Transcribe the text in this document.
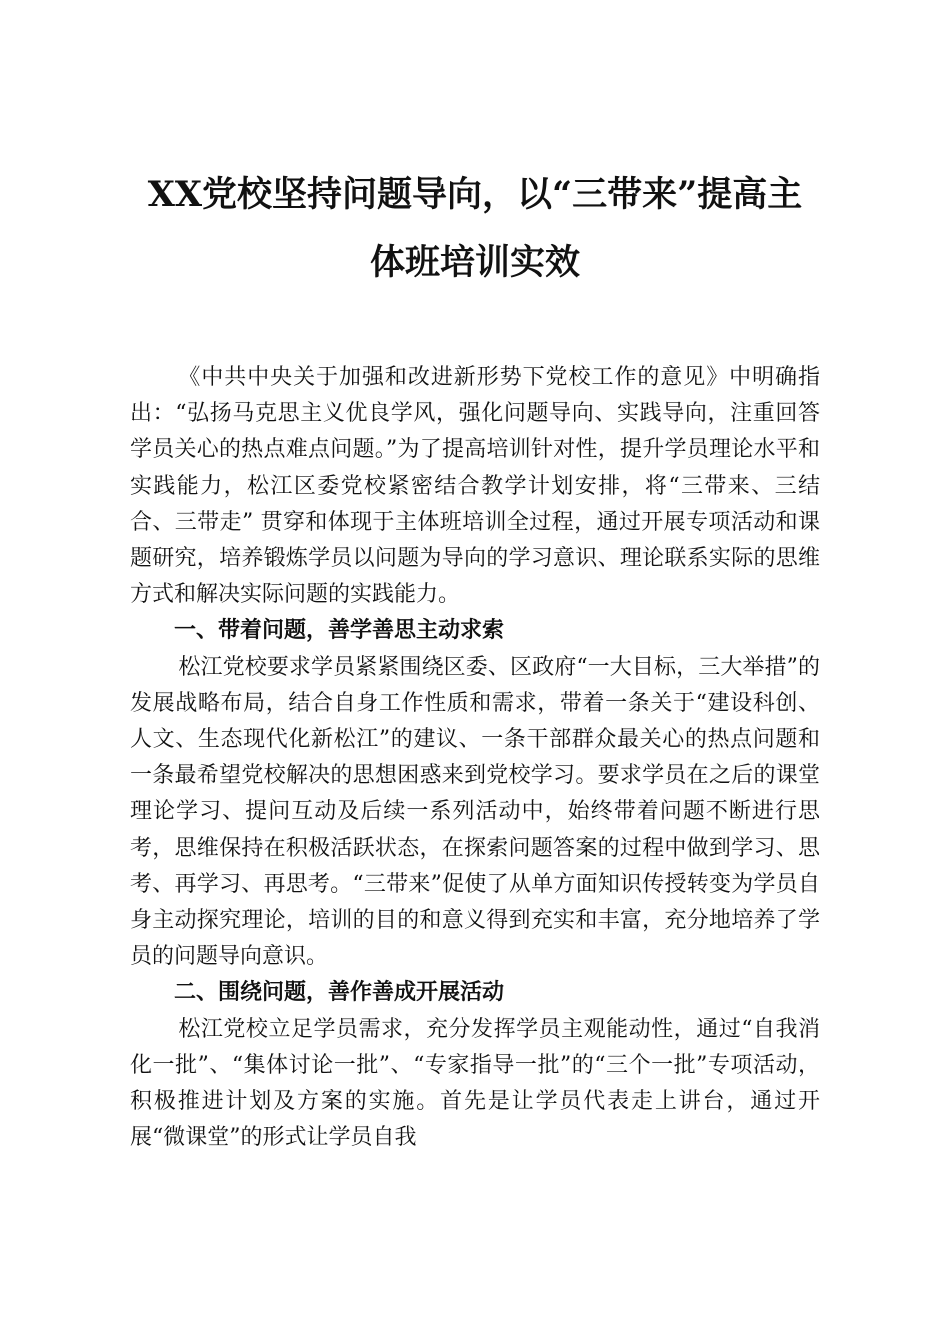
XX党校坚持问题导向，以“三带来”提高主
体班培训实效

《中共中央关于加强和改进新形势下党校工作的意见》中明确指出：“弘扬马克思主义优良学风，强化问题导向、实践导向，注重回答学员关心的热点难点问题。”为了提高培训针对性，提升学员理论水平和实践能力，松江区委党校紧密结合教学计划安排，将“三带来、三结合、三带走” 贯穿和体现于主体班培训全过程，通过开展专项活动和课题研究，培养锻炼学员以问题为导向的学习意识、理论联系实际的思维方式和解决实际问题的实践能力。

一、带着问题，善学善思主动求索

松江党校要求学员紧紧围绕区委、区政府“一大目标，三大举措”的发展战略布局，结合自身工作性质和需求，带着一条关于“建设科创、人文、生态现代化新松江”的建议、一条干部群众最关心的热点问题和一条最希望党校解决的思想困惑来到党校学习。要求学员在之后的课堂理论学习、提问互动及后续一系列活动中，始终带着问题不断进行思考，思维保持在积极活跃状态，在探索问题答案的过程中做到学习、思考、再学习、再思考。“三带来”促使了从单方面知识传授转变为学员自身主动探究理论，培训的目的和意义得到充实和丰富，充分地培养了学员的问题导向意识。

二、围绕问题，善作善成开展活动

松江党校立足学员需求，充分发挥学员主观能动性，通过“自我消化一批”、“集体讨论一批”、“专家指导一批”的“三个一批”专项活动，积极推进计划及方案的实施。首先是让学员代表走上讲台，通过开展“微课堂”的形式让学员自我
